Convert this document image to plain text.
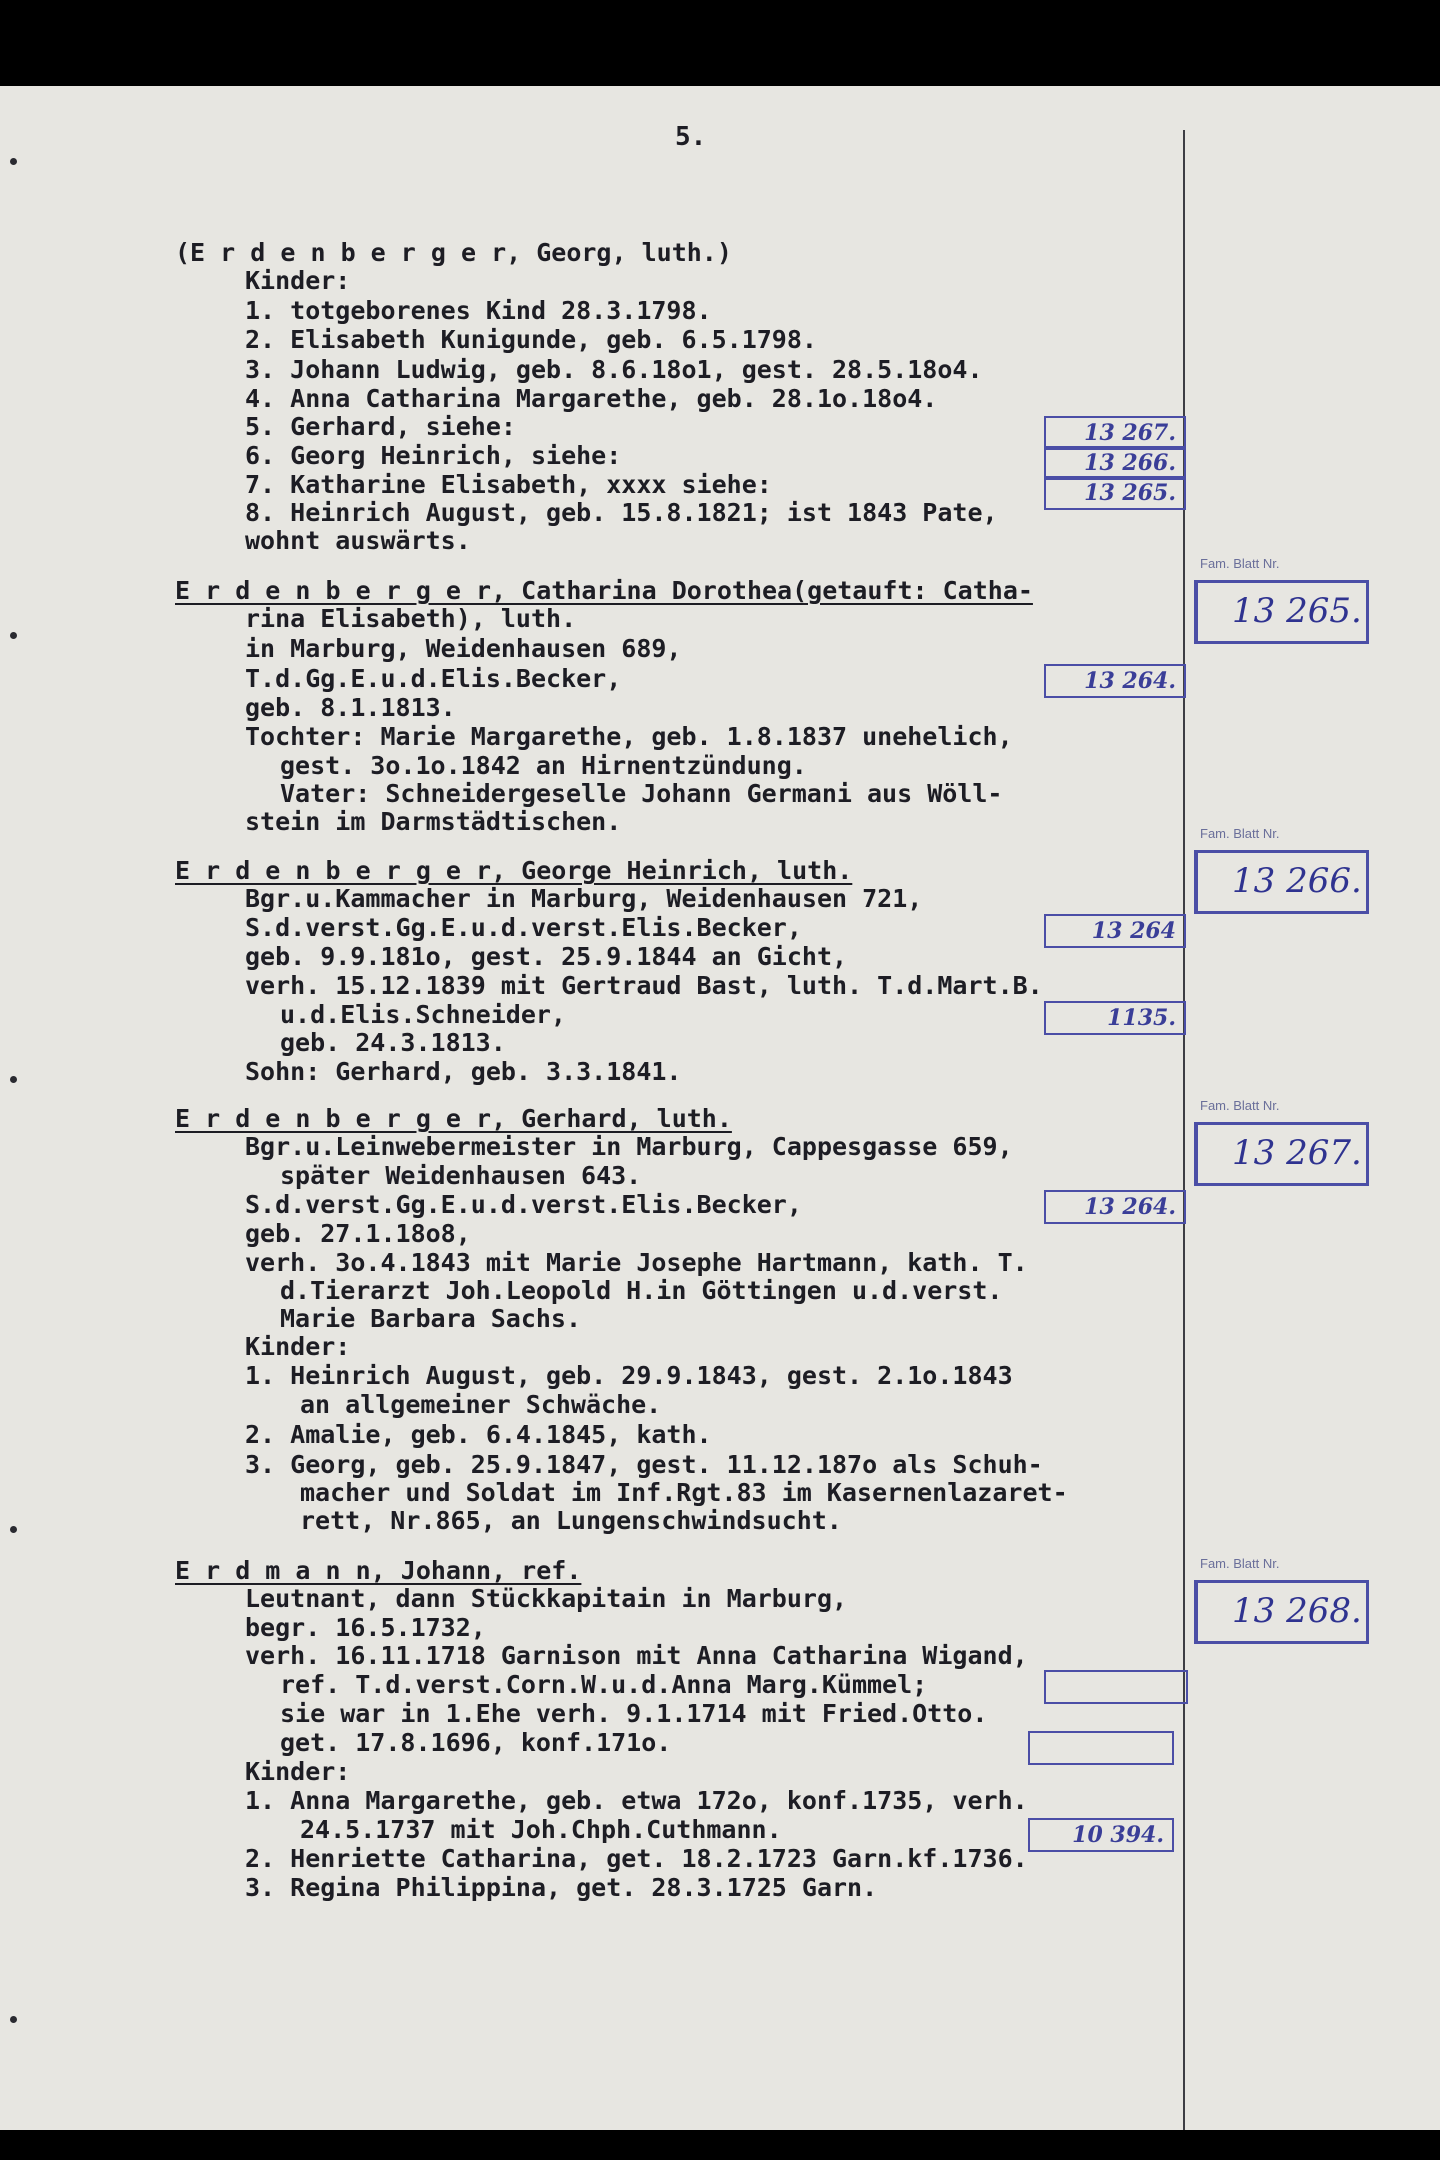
5.
(E r d e n b e r g e r, Georg, luth.)
Kinder:
1. totgeborenes Kind 28.3.1798.
2. Elisabeth Kunigunde, geb. 6.5.1798.
3. Johann Ludwig, geb. 8.6.18o1, gest. 28.5.18o4.
4. Anna Catharina Margarethe, geb. 28.1o.18o4.
5. Gerhard, siehe:
6. Georg Heinrich, siehe:
7. Katharine Elisabeth, xxxx siehe:
8. Heinrich August, geb. 15.8.1821; ist 1843 Pate,
wohnt auswärts.
13 267.
13 266.
13 265.
E r d e n b e r g e r, Catharina Dorothea(getauft: Catha-
rina Elisabeth), luth.
in Marburg, Weidenhausen 689,
T.d.Gg.E.u.d.Elis.Becker,
geb. 8.1.1813.
Tochter: Marie Margarethe, geb. 1.8.1837 unehelich,
gest. 3o.1o.1842 an Hirnentzündung.
Vater: Schneidergeselle Johann Germani aus Wöll-
stein im Darmstädtischen.
13 264.
E r d e n b e r g e r, George Heinrich, luth.
Bgr.u.Kammacher in Marburg, Weidenhausen 721,
S.d.verst.Gg.E.u.d.verst.Elis.Becker,
geb. 9.9.181o, gest. 25.9.1844 an Gicht,
verh. 15.12.1839 mit Gertraud Bast, luth. T.d.Mart.B.
u.d.Elis.Schneider,
geb. 24.3.1813.
Sohn: Gerhard, geb. 3.3.1841.
13 264
1135.
E r d e n b e r g e r, Gerhard, luth.
Bgr.u.Leinwebermeister in Marburg, Cappesgasse 659,
später Weidenhausen 643.
S.d.verst.Gg.E.u.d.verst.Elis.Becker,
geb. 27.1.18o8,
verh. 3o.4.1843 mit Marie Josephe Hartmann, kath. T.
d.Tierarzt Joh.Leopold H.in Göttingen u.d.verst.
Marie Barbara Sachs.
Kinder:
1. Heinrich August, geb. 29.9.1843, gest. 2.1o.1843
an allgemeiner Schwäche.
2. Amalie, geb. 6.4.1845, kath.
3. Georg, geb. 25.9.1847, gest. 11.12.187o als Schuh-
macher und Soldat im Inf.Rgt.83 im Kasernenlazaret-
rett, Nr.865, an Lungenschwindsucht.
13 264.
E r d m a n n, Johann, ref.
Leutnant, dann Stückkapitain in Marburg,
begr. 16.5.1732,
verh. 16.11.1718 Garnison mit Anna Catharina Wigand,
ref. T.d.verst.Corn.W.u.d.Anna Marg.Kümmel;
sie war in 1.Ehe verh. 9.1.1714 mit Fried.Otto.
get. 17.8.1696, konf.171o.
Kinder:
1. Anna Margarethe, geb. etwa 172o, konf.1735, verh.
24.5.1737 mit Joh.Chph.Cuthmann.
2. Henriette Catharina, get. 18.2.1723 Garn.kf.1736.
3. Regina Philippina, get. 28.3.1725 Garn.
10 394.
Fam. Blatt Nr.
13 265.
Fam. Blatt Nr.
13 266.
Fam. Blatt Nr.
13 267.
Fam. Blatt Nr.
13 268.
